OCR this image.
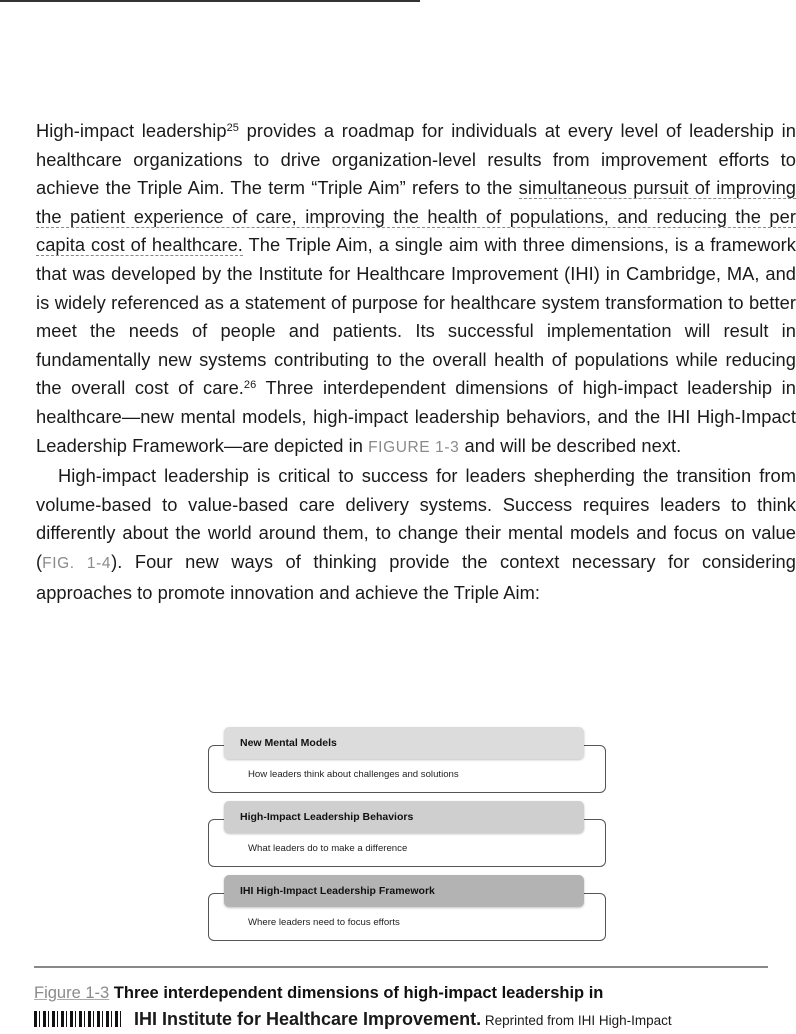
High-impact leadership$^{25}$ provides a roadmap for individuals at every level of leadership in healthcare organizations to drive organization-level results from improvement efforts to achieve the Triple Aim. The term “Triple Aim” refers to the simultaneous pursuit of improving the patient experience of care, improving the health of populations, and reducing the per capita cost of healthcare. The Triple Aim, a single aim with three dimensions, is a framework that was developed by the Institute for Healthcare Improvement (IHI) in Cambridge, MA, and is widely referenced as a statement of purpose for healthcare system transformation to better meet the needs of people and patients. Its successful implementation will result in fundamentally new systems contributing to the overall health of populations while reducing the overall cost of care.$^{26}$ Three interdependent dimensions of high-impact leadership in healthcare—new mental models, high-impact leadership behaviors, and the IHI High-Impact Leadership Framework—are depicted in FIGURE 1-3 and will be described next.

High-impact leadership is critical to success for leaders shepherding the transition from volume-based to value-based care delivery systems. Success requires leaders to think differently about the world around them, to change their mental models and focus on value (FIG. 1-4). Four new ways of thinking provide the context necessary for considering approaches to promote innovation and achieve the Triple Aim:

New Mental Models
How leaders think about challenges and solutions
High-Impact Leadership Behaviors
What leaders do to make a difference
IHI High-Impact Leadership Framework
Where leaders need to focus efforts
Figure 1-3 Three interdependent dimensions of high-impact leadership in
IHI Institute for Healthcare Improvement. Reprinted from IHI High-Impact
